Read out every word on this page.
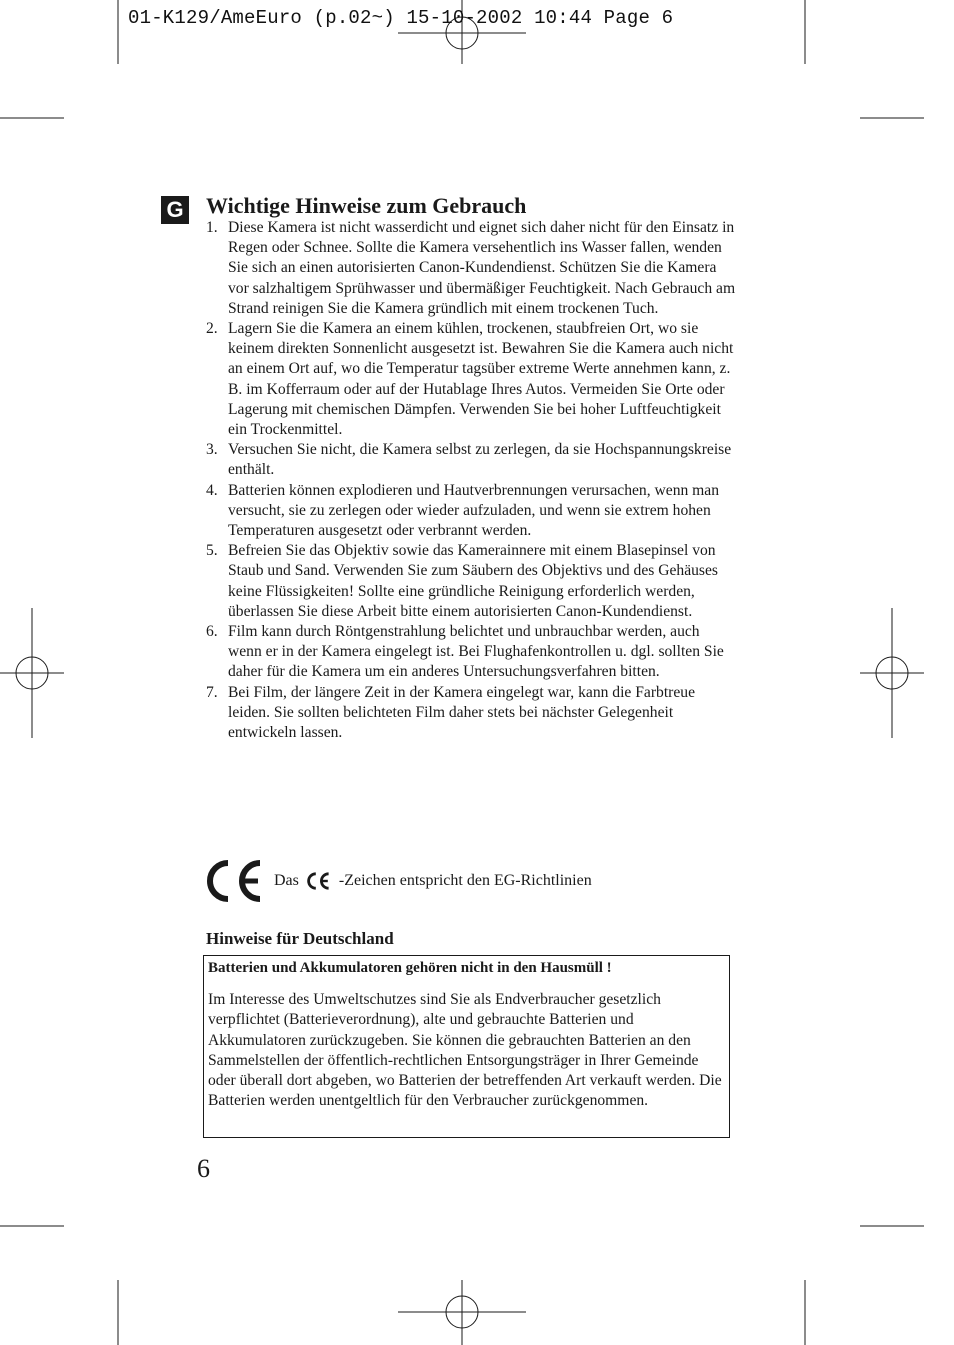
01-K129/AmeEuro (p.02~) 15-10-2002 10:44 Page 6
G Wichtige Hinweise zum Gebrauch
1. Diese Kamera ist nicht wasserdicht und eignet sich daher nicht für den Einsatz in Regen oder Schnee. Sollte die Kamera versehentlich ins Wasser fallen, wenden Sie sich an einen autorisierten Canon-Kundendienst. Schützen Sie die Kamera vor salzhaltigem Sprühwasser und übermäßiger Feuchtigkeit. Nach Gebrauch am Strand reinigen Sie die Kamera gründlich mit einem trockenen Tuch.
2. Lagern Sie die Kamera an einem kühlen, trockenen, staubfreien Ort, wo sie keinem direkten Sonnenlicht ausgesetzt ist. Bewahren Sie die Kamera auch nicht an einem Ort auf, wo die Temperatur tagsüber extreme Werte annehmen kann, z. B. im Kofferraum oder auf der Hutablage Ihres Autos. Vermeiden Sie Orte oder Lagerung mit chemischen Dämpfen. Verwenden Sie bei hoher Luftfeuchtigkeit ein Trockenmittel.
3. Versuchen Sie nicht, die Kamera selbst zu zerlegen, da sie Hochspannungskreise enthält.
4. Batterien können explodieren und Hautverbrennungen verursachen, wenn man versucht, sie zu zerlegen oder wieder aufzuladen, und wenn sie extrem hohen Temperaturen ausgesetzt oder verbrannt werden.
5. Befreien Sie das Objektiv sowie das Kamerainnere mit einem Blasepinsel von Staub und Sand. Verwenden Sie zum Säubern des Objektivs und des Gehäuses keine Flüssigkeiten! Sollte eine gründliche Reinigung erforderlich werden, überlassen Sie diese Arbeit bitte einem autorisierten Canon-Kundendienst.
6. Film kann durch Röntgenstrahlung belichtet und unbrauchbar werden, auch wenn er in der Kamera eingelegt ist. Bei Flughafenkontrollen u. dgl. sollten Sie daher für die Kamera um ein anderes Untersuchungsverfahren bitten.
7. Bei Film, der längere Zeit in der Kamera eingelegt war, kann die Farbtreue leiden. Sie sollten belichteten Film daher stets bei nächster Gelegenheit entwickeln lassen.
Das	-Zeichen entspricht den EG-Richtlinien
Hinweise für Deutschland

Batterien und Akkumulatoren gehören nicht in den Hausmüll !

Im Interesse des Umweltschutzes sind Sie als Endverbraucher gesetzlich verpflichtet (Batterieverordnung), alte und gebrauchte Batterien und Akkumulatoren zurückzugeben. Sie können die gebrauchten Batterien an den Sammelstellen der öffentlich-rechtlichen Entsorgungsträger in Ihrer Gemeinde oder überall dort abgeben, wo Batterien der betreffenden Art verkauft werden. Die Batterien werden unentgeltlich für den Verbraucher zurückgenommen.

6
